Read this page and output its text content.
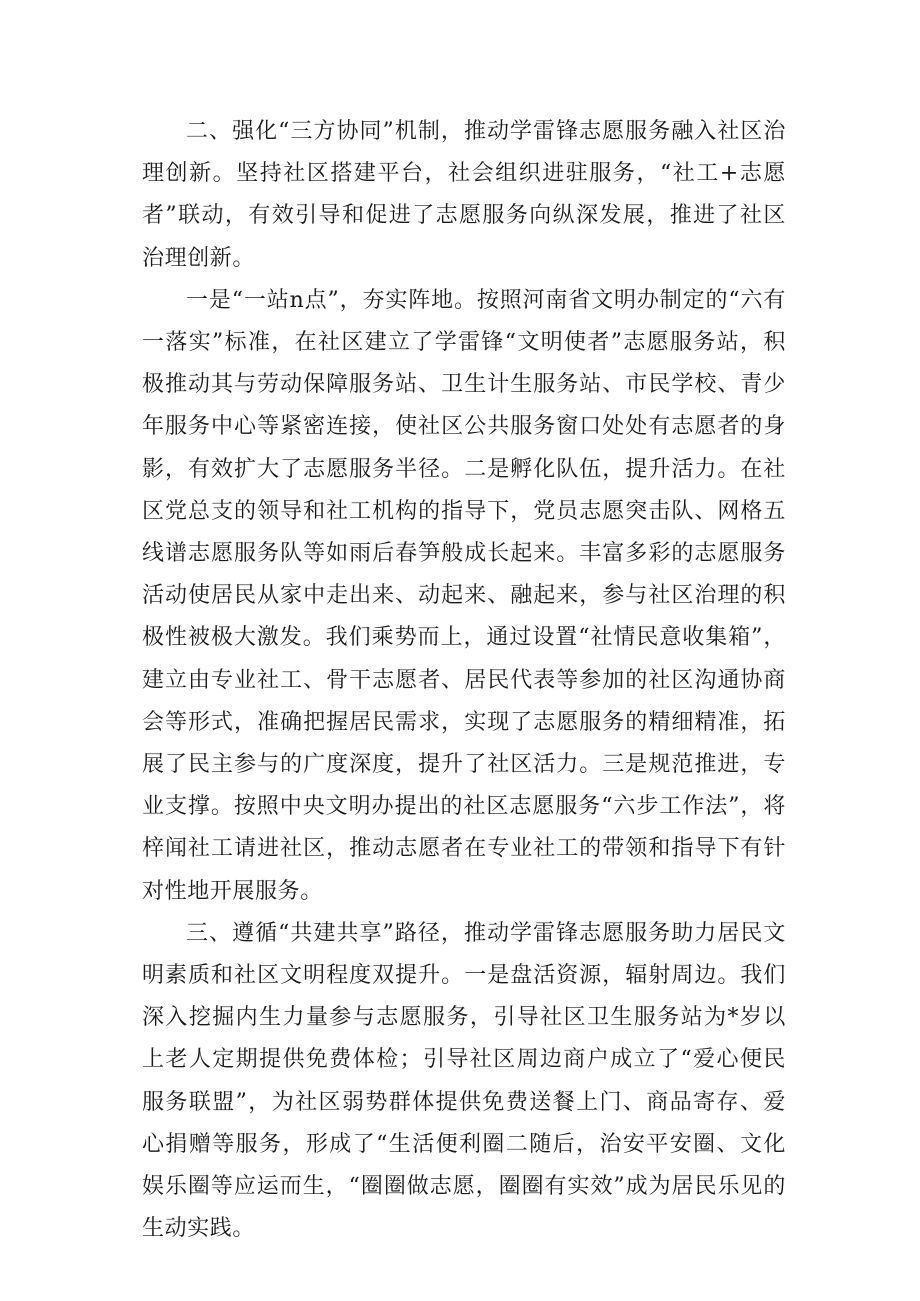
二、强化“三方协同”机制，推动学雷锋志愿服务融入社区治理创新。坚持社区搭建平台，社会组织进驻服务，“社工+志愿者”联动，有效引导和促进了志愿服务向纵深发展，推进了社区治理创新。

一是“一站n点”，夯实阵地。按照河南省文明办制定的“六有一落实”标准，在社区建立了学雷锋“文明使者”志愿服务站，积极推动其与劳动保障服务站、卫生计生服务站、市民学校、青少年服务中心等紧密连接，使社区公共服务窗口处处有志愿者的身影，有效扩大了志愿服务半径。二是孵化队伍，提升活力。在社区党总支的领导和社工机构的指导下，党员志愿突击队、网格五线谱志愿服务队等如雨后春笋般成长起来。丰富多彩的志愿服务活动使居民从家中走出来、动起来、融起来，参与社区治理的积极性被极大激发。我们乘势而上，通过设置“社情民意收集箱”，建立由专业社工、骨干志愿者、居民代表等参加的社区沟通协商会等形式，准确把握居民需求，实现了志愿服务的精细精准，拓展了民主参与的广度深度，提升了社区活力。三是规范推进，专业支撑。按照中央文明办提出的社区志愿服务“六步工作法”，将梓闻社工请进社区，推动志愿者在专业社工的带领和指导下有针对性地开展服务。

三、遵循“共建共享”路径，推动学雷锋志愿服务助力居民文明素质和社区文明程度双提升。一是盘活资源，辐射周边。我们深入挖掘内生力量参与志愿服务，引导社区卫生服务站为*岁以上老人定期提供免费体检；引导社区周边商户成立了“爱心便民服务联盟”，为社区弱势群体提供免费送餐上门、商品寄存、爱心捐赠等服务，形成了“生活便利圈二随后，治安平安圈、文化娱乐圈等应运而生，“圈圈做志愿，圈圈有实效”成为居民乐见的生动实践。
